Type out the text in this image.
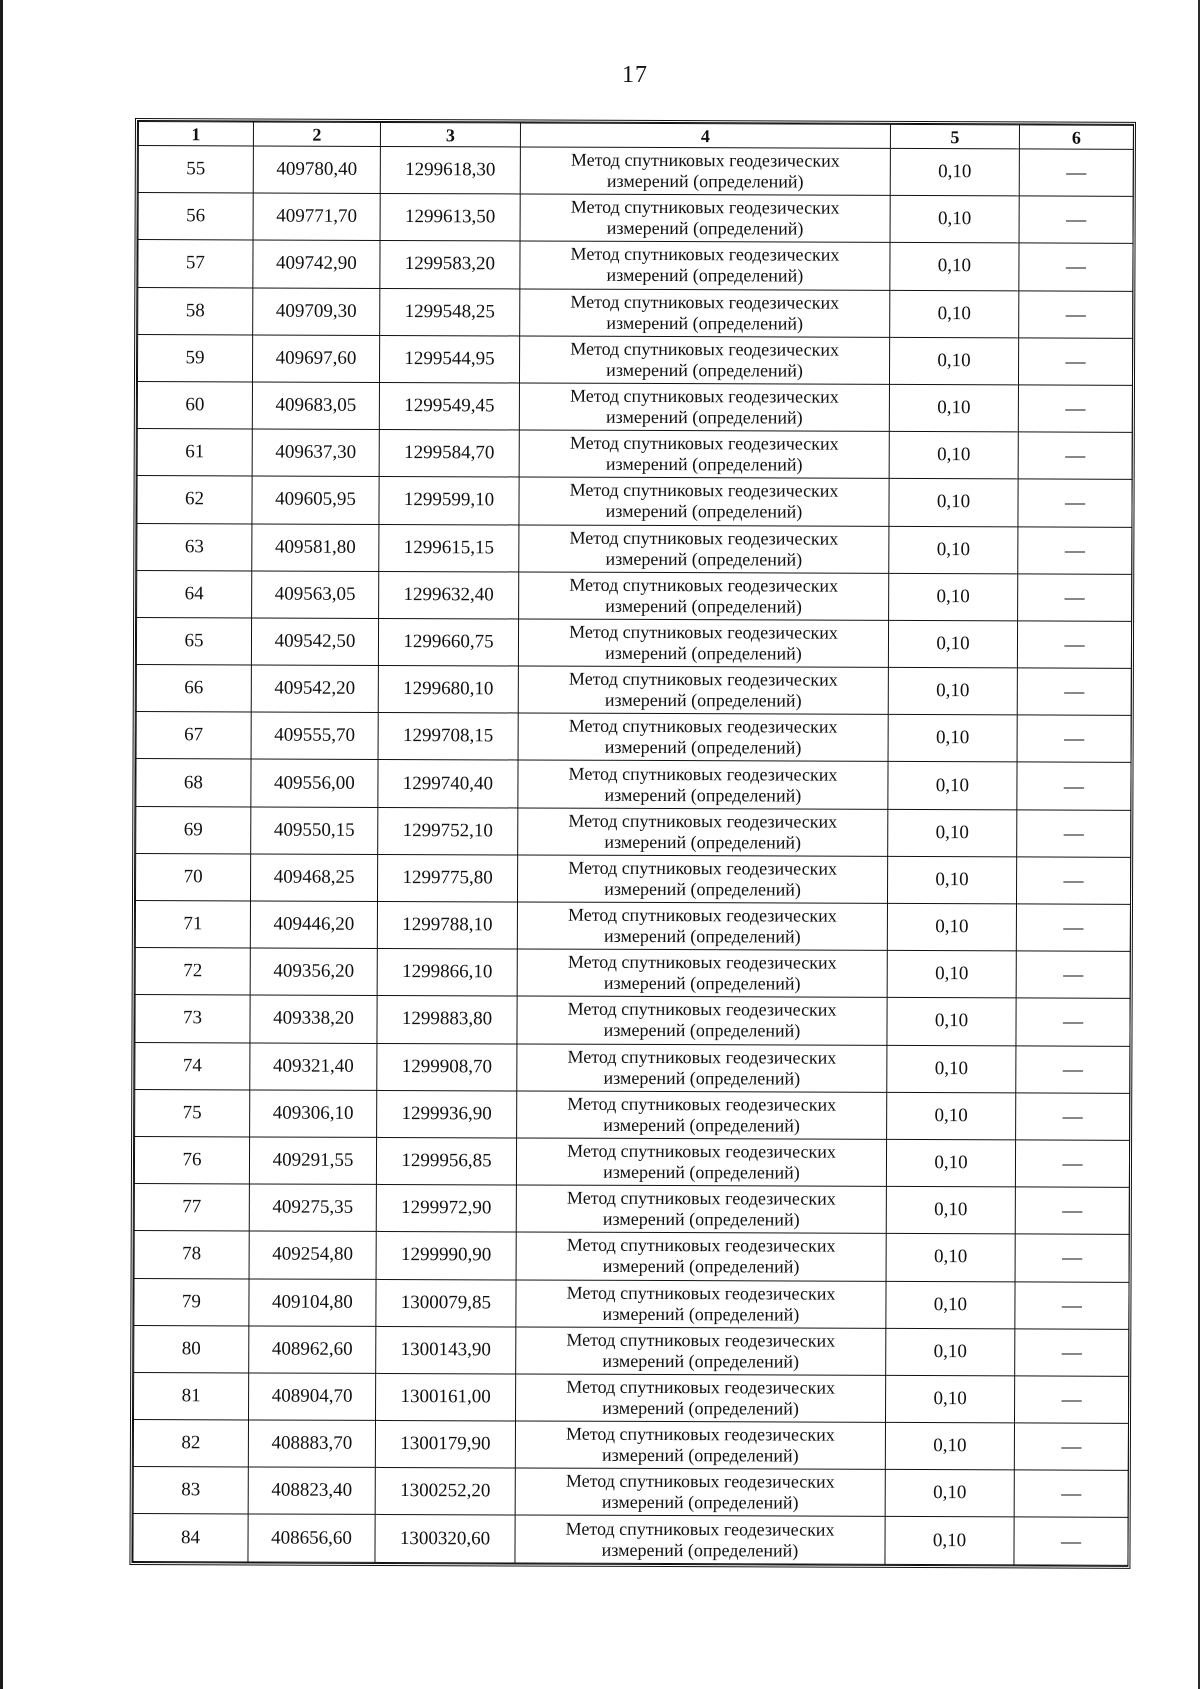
17
1	2	3	4	5	6
55	409780,40	1299618,30	Метод спутниковых геодезических измерений (определений)	0,10	—
56	409771,70	1299613,50	Метод спутниковых геодезических измерений (определений)	0,10	—
57	409742,90	1299583,20	Метод спутниковых геодезических измерений (определений)	0,10	—
58	409709,30	1299548,25	Метод спутниковых геодезических измерений (определений)	0,10	—
59	409697,60	1299544,95	Метод спутниковых геодезических измерений (определений)	0,10	—
60	409683,05	1299549,45	Метод спутниковых геодезических измерений (определений)	0,10	—
61	409637,30	1299584,70	Метод спутниковых геодезических измерений (определений)	0,10	—
62	409605,95	1299599,10	Метод спутниковых геодезических измерений (определений)	0,10	—
63	409581,80	1299615,15	Метод спутниковых геодезических измерений (определений)	0,10	—
64	409563,05	1299632,40	Метод спутниковых геодезических измерений (определений)	0,10	—
65	409542,50	1299660,75	Метод спутниковых геодезических измерений (определений)	0,10	—
66	409542,20	1299680,10	Метод спутниковых геодезических измерений (определений)	0,10	—
67	409555,70	1299708,15	Метод спутниковых геодезических измерений (определений)	0,10	—
68	409556,00	1299740,40	Метод спутниковых геодезических измерений (определений)	0,10	—
69	409550,15	1299752,10	Метод спутниковых геодезических измерений (определений)	0,10	—
70	409468,25	1299775,80	Метод спутниковых геодезических измерений (определений)	0,10	—
71	409446,20	1299788,10	Метод спутниковых геодезических измерений (определений)	0,10	—
72	409356,20	1299866,10	Метод спутниковых геодезических измерений (определений)	0,10	—
73	409338,20	1299883,80	Метод спутниковых геодезических измерений (определений)	0,10	—
74	409321,40	1299908,70	Метод спутниковых геодезических измерений (определений)	0,10	—
75	409306,10	1299936,90	Метод спутниковых геодезических измерений (определений)	0,10	—
76	409291,55	1299956,85	Метод спутниковых геодезических измерений (определений)	0,10	—
77	409275,35	1299972,90	Метод спутниковых геодезических измерений (определений)	0,10	—
78	409254,80	1299990,90	Метод спутниковых геодезических измерений (определений)	0,10	—
79	409104,80	1300079,85	Метод спутниковых геодезических измерений (определений)	0,10	—
80	408962,60	1300143,90	Метод спутниковых геодезических измерений (определений)	0,10	—
81	408904,70	1300161,00	Метод спутниковых геодезических измерений (определений)	0,10	—
82	408883,70	1300179,90	Метод спутниковых геодезических измерений (определений)	0,10	—
83	408823,40	1300252,20	Метод спутниковых геодезических измерений (определений)	0,10	—
84	408656,60	1300320,60	Метод спутниковых геодезических измерений (определений)	0,10	—
